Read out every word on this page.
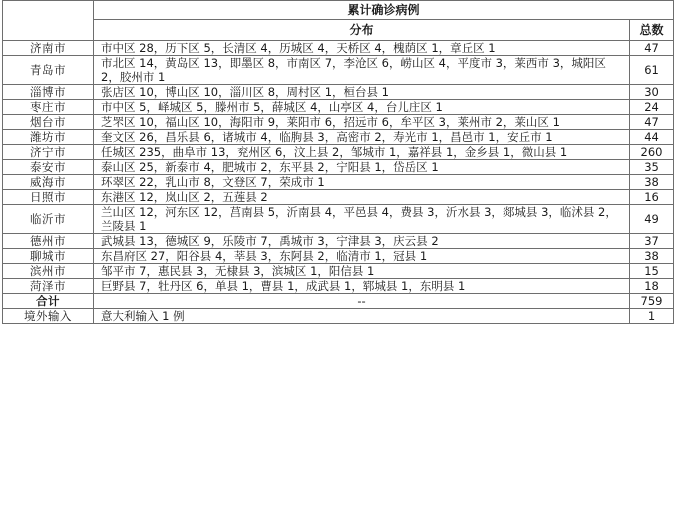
	累计确诊病例	
	分布	总数
济南市	市中区 28，历下区 5，长清区 4，历城区 4，天桥区 4，槐荫区 1，章丘区 1	47
青岛市	市北区 14，黄岛区 13，即墨区 8，市南区 7，李沧区 6，崂山区 4，平度市 3，莱西市 3，城阳区 2，胶州市 1	61
淄博市	张店区 10，博山区 10，淄川区 8，周村区 1，桓台县 1	30
枣庄市	市中区 5，峄城区 5，滕州市 5，薛城区 4，山亭区 4，台儿庄区 1	24
烟台市	芝罘区 10，福山区 10，海阳市 9，莱阳市 6，招远市 6，牟平区 3，莱州市 2，莱山区 1	47
潍坊市	奎文区 26，昌乐县 6，诸城市 4，临朐县 3，高密市 2，寿光市 1，昌邑市 1，安丘市 1	44
济宁市	任城区 235，曲阜市 13，兖州区 6，汶上县 2，邹城市 1，嘉祥县 1，金乡县 1，微山县 1	260
泰安市	泰山区 25，新泰市 4，肥城市 2，东平县 2，宁阳县 1，岱岳区 1	35
威海市	环翠区 22，乳山市 8，文登区 7，荣成市 1	38
日照市	东港区 12，岚山区 2，五莲县 2	16
临沂市	兰山区 12，河东区 12，莒南县 5，沂南县 4，平邑县 4，费县 3，沂水县 3，郯城县 3，临沭县 2，兰陵县 1	49
德州市	武城县 13，德城区 9，乐陵市 7，禹城市 3，宁津县 3，庆云县 2	37
聊城市	东昌府区 27，阳谷县 4，莘县 3，东阿县 2，临清市 1，冠县 1	38
滨州市	邹平市 7，惠民县 3，无棣县 3，滨城区 1，阳信县 1	15
菏泽市	巨野县 7，牡丹区 6，单县 1，曹县 1，成武县 1，郓城县 1，东明县 1	18
合计	--	759
境外输入	意大利输入 1 例	1
